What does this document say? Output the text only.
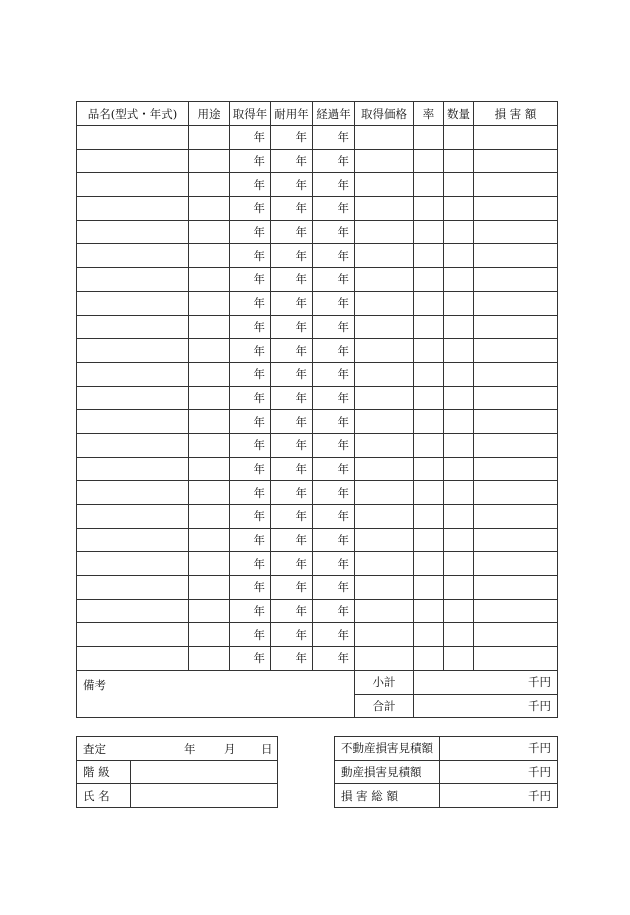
品名(型式・年式)	用途	取得年	耐用年	経過年	取得価格	率	数量	損 害 額
		年	年	年				
		年	年	年				
		年	年	年				
		年	年	年				
		年	年	年				
		年	年	年				
		年	年	年				
		年	年	年				
		年	年	年				
		年	年	年				
		年	年	年				
		年	年	年				
		年	年	年				
		年	年	年				
		年	年	年				
		年	年	年				
		年	年	年				
		年	年	年				
		年	年	年				
		年	年	年				
		年	年	年				
		年	年	年				
		年	年	年				
備考					小計	千円		
					合計	千円		
査定 年 月 日	

階 級	
氏 名	
不動産損害見積額	千円
動産損害見積額	千円
損 害 総 額	千円
